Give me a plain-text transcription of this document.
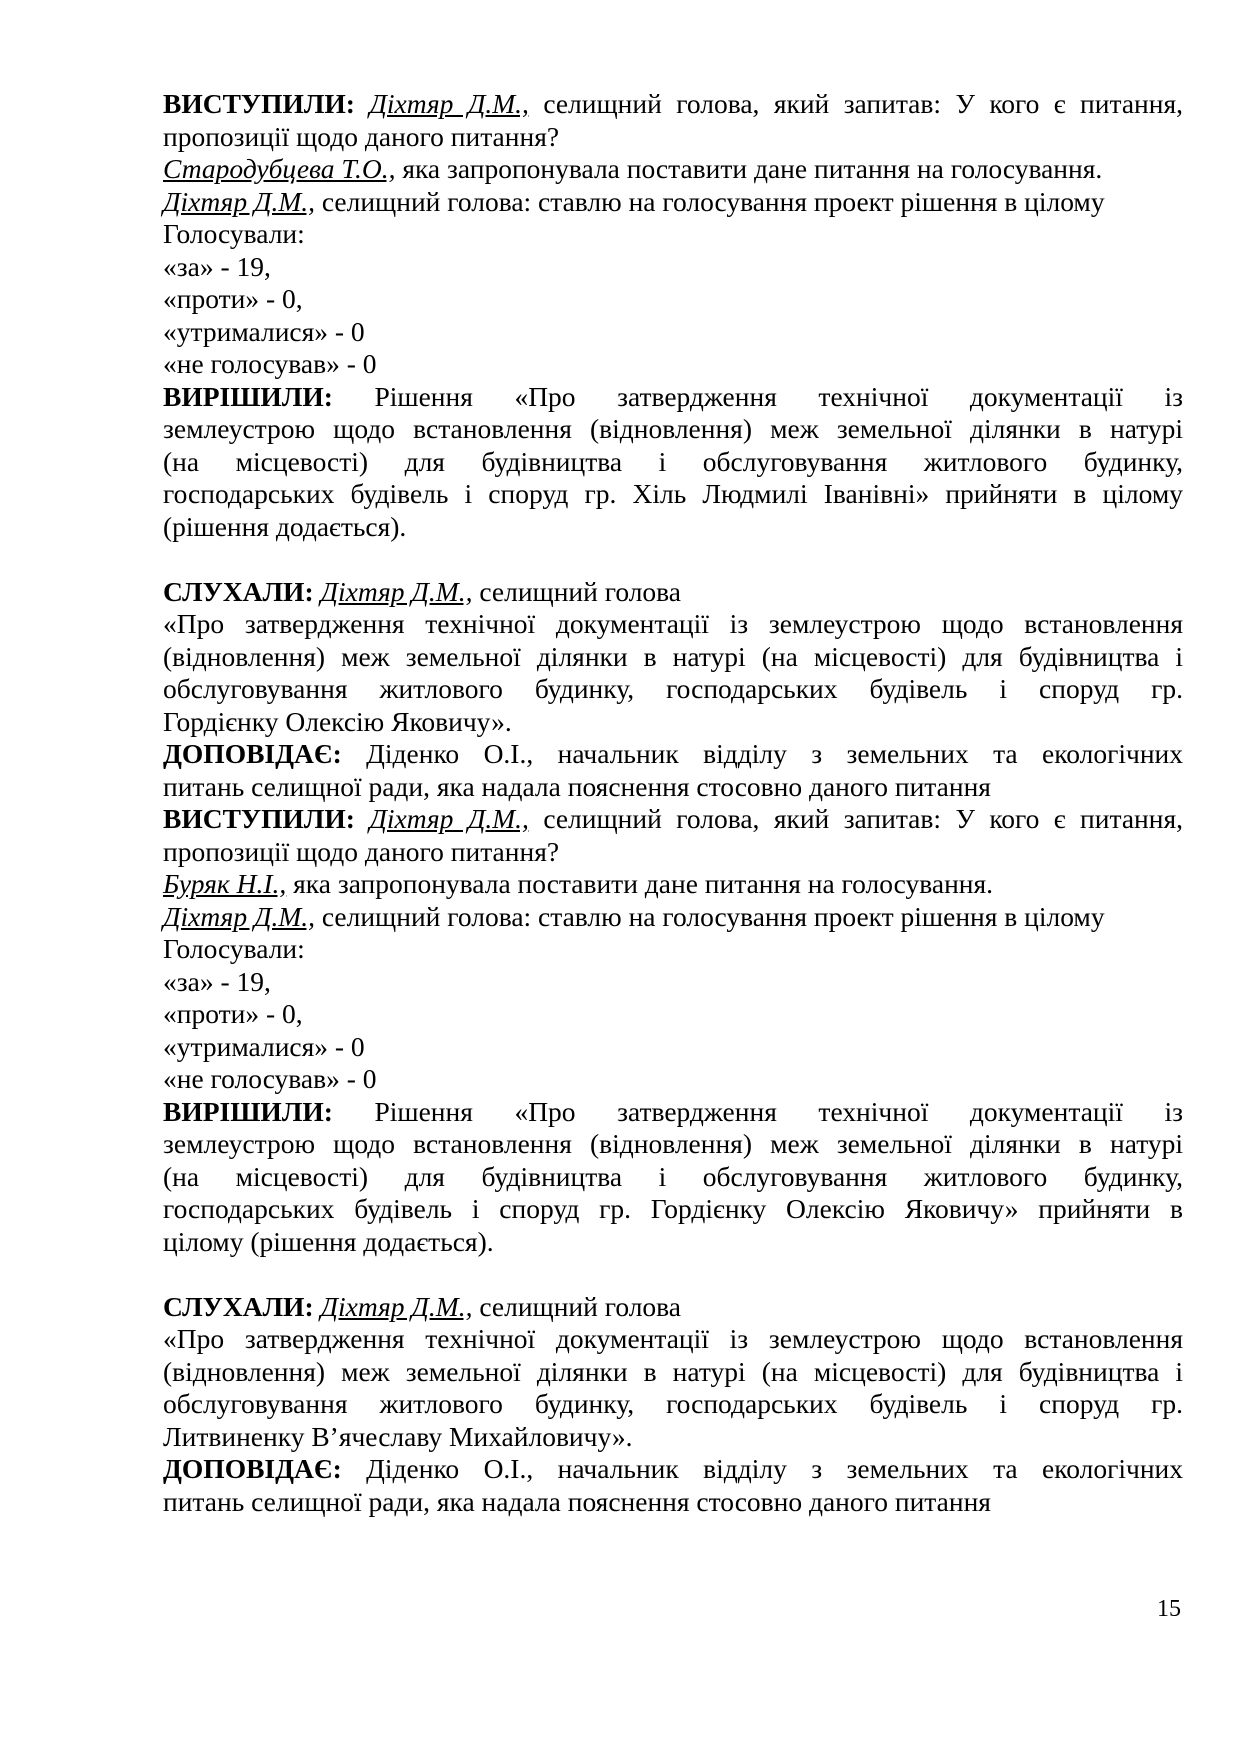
ВИСТУПИЛИ: Діхтяр Д.М., селищний голова, який запитав: У кого є питання,
пропозиції щодо даного питання?
Стародубцева Т.О., яка запропонувала поставити дане питання на голосування.
Діхтяр Д.М., селищний голова: ставлю на голосування проект рішення в цілому
Голосували:
«за» - 19,
«проти» - 0,
«утрималися» - 0
«не голосував» - 0
ВИРІШИЛИ: Рішення «Про затвердження технічної документації із
землеустрою щодо встановлення (відновлення) меж земельної ділянки в натурі
(на місцевості) для будівництва і обслуговування житлового будинку,
господарських будівель і споруд гр. Хіль Людмилі Іванівні» прийняти в цілому
(рішення додається).
СЛУХАЛИ: Діхтяр Д.М., селищний голова
«Про затвердження технічної документації із землеустрою щодо встановлення
(відновлення) меж земельної ділянки в натурі (на місцевості) для будівництва і
обслуговування житлового будинку, господарських будівель і споруд гр.
Гордієнку Олексію Яковичу».
ДОПОВІДАЄ: Діденко О.І., начальник відділу з земельних та екологічних
питань селищної ради, яка надала пояснення стосовно даного питання
ВИСТУПИЛИ: Діхтяр Д.М., селищний голова, який запитав: У кого є питання,
пропозиції щодо даного питання?
Буряк Н.І., яка запропонувала поставити дане питання на голосування.
Діхтяр Д.М., селищний голова: ставлю на голосування проект рішення в цілому
Голосували:
«за» - 19,
«проти» - 0,
«утрималися» - 0
«не голосував» - 0
ВИРІШИЛИ: Рішення «Про затвердження технічної документації із
землеустрою щодо встановлення (відновлення) меж земельної ділянки в натурі
(на місцевості) для будівництва і обслуговування житлового будинку,
господарських будівель і споруд гр. Гордієнку Олексію Яковичу» прийняти в
цілому (рішення додається).
СЛУХАЛИ: Діхтяр Д.М., селищний голова
«Про затвердження технічної документації із землеустрою щодо встановлення
(відновлення) меж земельної ділянки в натурі (на місцевості) для будівництва і
обслуговування житлового будинку, господарських будівель і споруд гр.
Литвиненку В’ячеславу Михайловичу».
ДОПОВІДАЄ: Діденко О.І., начальник відділу з земельних та екологічних
питань селищної ради, яка надала пояснення стосовно даного питання
15
